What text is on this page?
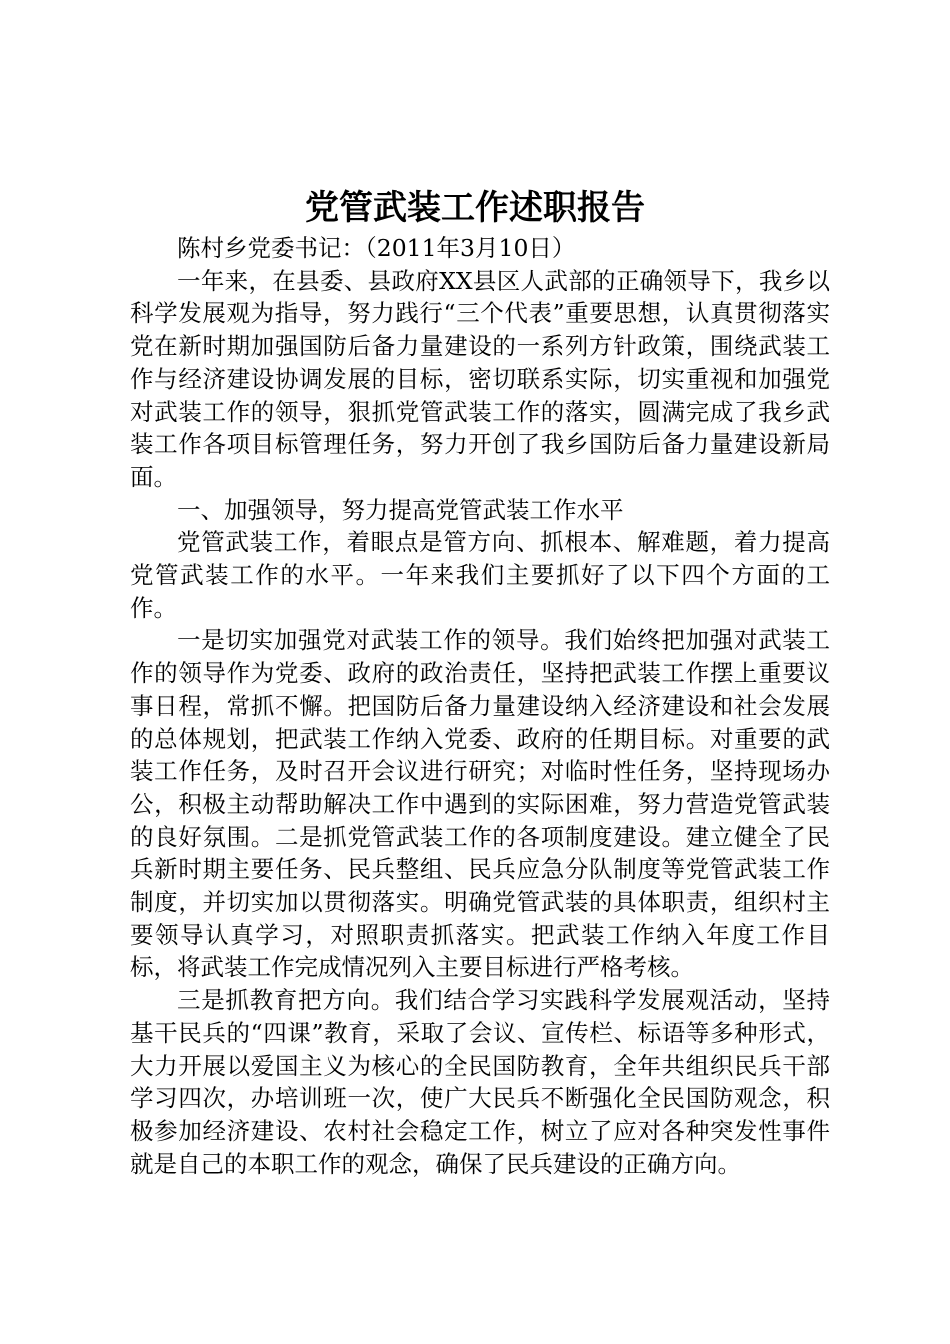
党管武装工作述职报告

陈村乡党委书记：（2011年3月10日）

一年来，在县委、县政府XX县区人武部的正确领导下，我乡以科学发展观为指导，努力践行“三个代表”重要思想，认真贯彻落实党在新时期加强国防后备力量建设的一系列方针政策，围绕武装工作与经济建设协调发展的目标，密切联系实际，切实重视和加强党对武装工作的领导，狠抓党管武装工作的落实，圆满完成了我乡武装工作各项目标管理任务，努力开创了我乡国防后备力量建设新局面。

一、加强领导，努力提高党管武装工作水平

党管武装工作，着眼点是管方向、抓根本、解难题，着力提高党管武装工作的水平。一年来我们主要抓好了以下四个方面的工作。

一是切实加强党对武装工作的领导。我们始终把加强对武装工作的领导作为党委、政府的政治责任，坚持把武装工作摆上重要议事日程，常抓不懈。把国防后备力量建设纳入经济建设和社会发展的总体规划，把武装工作纳入党委、政府的任期目标。对重要的武装工作任务，及时召开会议进行研究；对临时性任务，坚持现场办公，积极主动帮助解决工作中遇到的实际困难，努力营造党管武装的良好氛围。二是抓党管武装工作的各项制度建设。建立健全了民兵新时期主要任务、民兵整组、民兵应急分队制度等党管武装工作制度，并切实加以贯彻落实。明确党管武装的具体职责，组织村主要领导认真学习，对照职责抓落实。把武装工作纳入年度工作目标，将武装工作完成情况列入主要目标进行严格考核。

三是抓教育把方向。我们结合学习实践科学发展观活动，坚持基干民兵的“四课”教育，采取了会议、宣传栏、标语等多种形式，大力开展以爱国主义为核心的全民国防教育，全年共组织民兵干部学习四次，办培训班一次，使广大民兵不断强化全民国防观念，积极参加经济建设、农村社会稳定工作，树立了应对各种突发性事件就是自己的本职工作的观念，确保了民兵建设的正确方向。
